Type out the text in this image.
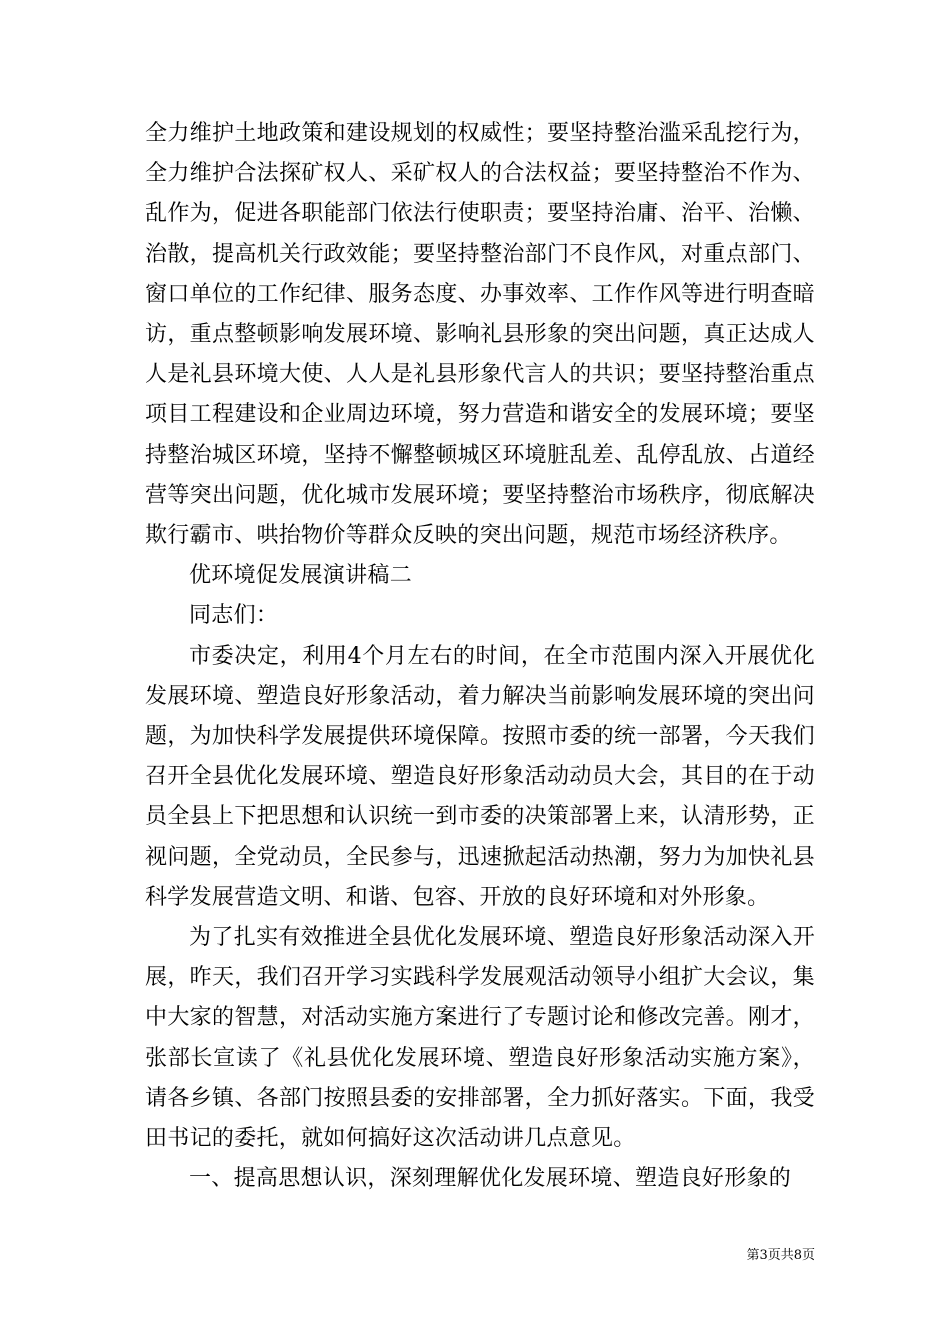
全力维护土地政策和建设规划的权威性；要坚持整治滥采乱挖行为，全力维护合法探矿权人、采矿权人的合法权益；要坚持整治不作为、乱作为，促进各职能部门依法行使职责；要坚持治庸、治平、治懒、治散，提高机关行政效能；要坚持整治部门不良作风，对重点部门、窗口单位的工作纪律、服务态度、办事效率、工作作风等进行明查暗访，重点整顿影响发展环境、影响礼县形象的突出问题，真正达成人人是礼县环境大使、人人是礼县形象代言人的共识；要坚持整治重点项目工程建设和企业周边环境，努力营造和谐安全的发展环境；要坚持整治城区环境，坚持不懈整顿城区环境脏乱差、乱停乱放、占道经营等突出问题，优化城市发展环境；要坚持整治市场秩序，彻底解决欺行霸市、哄抬物价等群众反映的突出问题，规范市场经济秩序。

优环境促发展演讲稿二

同志们：

市委决定，利用4个月左右的时间，在全市范围内深入开展优化发展环境、塑造良好形象活动，着力解决当前影响发展环境的突出问题，为加快科学发展提供环境保障。按照市委的统一部署，今天我们召开全县优化发展环境、塑造良好形象活动动员大会，其目的在于动员全县上下把思想和认识统一到市委的决策部署上来，认清形势，正视问题，全党动员，全民参与，迅速掀起活动热潮，努力为加快礼县科学发展营造文明、和谐、包容、开放的良好环境和对外形象。

为了扎实有效推进全县优化发展环境、塑造良好形象活动深入开展，昨天，我们召开学习实践科学发展观活动领导小组扩大会议，集中大家的智慧，对活动实施方案进行了专题讨论和修改完善。刚才，张部长宣读了《礼县优化发展环境、塑造良好形象活动实施方案》，请各乡镇、各部门按照县委的安排部署，全力抓好落实。下面，我受田书记的委托，就如何搞好这次活动讲几点意见。

一、提高思想认识，深刻理解优化发展环境、塑造良好形象的

第3页共8页
